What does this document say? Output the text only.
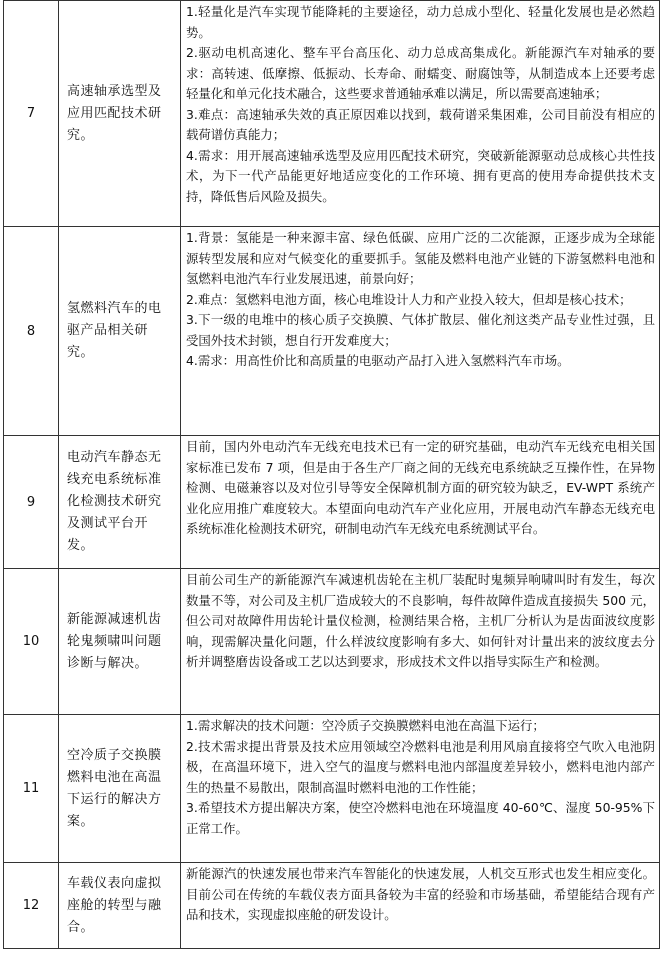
7	高速轴承选型及应用匹配技术研究。	1.轻量化是汽车实现节能降耗的主要途径，动力总成小型化、轻量化发展也是必然趋势。

2.驱动电机高速化、整车平台高压化、动力总成高集成化。新能源汽车对轴承的要求：高转速、低摩擦、低振动、长寿命、耐蠕变、耐腐蚀等，从制造成本上还要考虑轻量化和单元化技术融合，这些要求普通轴承难以满足，所以需要高速轴承；

3.难点：高速轴承失效的真正原因难以找到，载荷谱采集困难，公司目前没有相应的载荷谱仿真能力；

4.需求：用开展高速轴承选型及应用匹配技术研究，突破新能源驱动总成核心共性技术，为下一代产品能更好地适应变化的工作环境、拥有更高的使用寿命提供技术支持，降低售后风险及损失。

8	氢燃料汽车的电驱产品相关研究。	1.背景：氢能是一种来源丰富、绿色低碳、应用广泛的二次能源，正逐步成为全球能源转型发展和应对气候变化的重要抓手。氢能及燃料电池产业链的下游氢燃料电池和氢燃料电池汽车行业发展迅速，前景向好；

2.难点：氢燃料电池方面，核心电堆设计人力和产业投入较大，但却是核心技术；

3.下一级的电堆中的核心质子交换膜、气体扩散层、催化剂这类产品专业性过强，且受国外技术封锁，想自行开发难度大；

4.需求：用高性价比和高质量的电驱动产品打入进入氢燃料汽车市场。

9	电动汽车静态无线充电系统标准化检测技术研究及测试平台开发。	目前，国内外电动汽车无线充电技术已有一定的研究基础，电动汽车无线充电相关国家标准已发布 7 项，但是由于各生产厂商之间的无线充电系统缺乏互操作性，在异物检测、电磁兼容以及对位引导等安全保障机制方面的研究较为缺乏，EV-WPT 系统产业化应用推广难度较大。本望面向电动汽车产业化应用，开展电动汽车静态无线充电系统标准化检测技术研究，研制电动汽车无线充电系统测试平台。

10	新能源减速机齿轮鬼频啸叫问题诊断与解决。	目前公司生产的新能源汽车减速机齿轮在主机厂装配时鬼频异响啸叫时有发生，每次数量不等，对公司及主机厂造成较大的不良影响，每件故障件造成直接损失 500 元，但公司对故障件用齿轮计量仪检测，检测结果合格，主机厂分析认为是齿面波纹度影响，现需解决量化问题，什么样波纹度影响有多大、如何针对计量出来的波纹度去分析并调整磨齿设备或工艺以达到要求，形成技术文件以指导实际生产和检测。

11	空冷质子交换膜燃料电池在高温下运行的解决方案。	1.需求解决的技术问题：空冷质子交换膜燃料电池在高温下运行；

2.技术需求提出背景及技术应用领域空冷燃料电池是利用风扇直接将空气吹入电池阴极，在高温环境下，进入空气的温度与燃料电池内部温度差异较小，燃料电池内部产生的热量不易散出，限制高温时燃料电池的工作性能；

3.希望技术方提出解决方案，使空冷燃料电池在环境温度 40-60℃、湿度 50-95%下正常工作。

12	车载仪表向虚拟座舱的转型与融合。	新能源汽的快速发展也带来汽车智能化的快速发展，人机交互形式也发生相应变化。目前公司在传统的车载仪表方面具备较为丰富的经验和市场基础，希望能结合现有产品和技术，实现虚拟座舱的研发设计。
